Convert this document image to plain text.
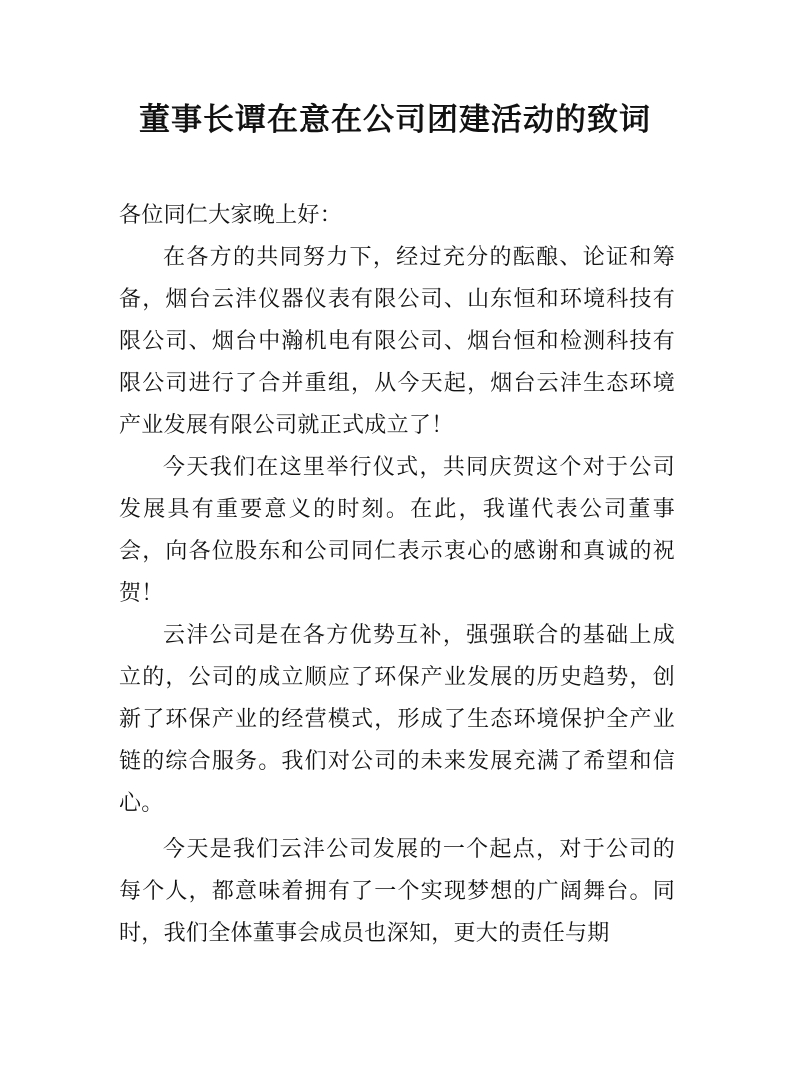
董事长谭在意在公司团建活动的致词

各位同仁大家晚上好：

在各方的共同努力下，经过充分的酝酿、论证和筹备，烟台云沣仪器仪表有限公司、山东恒和环境科技有限公司、烟台中瀚机电有限公司、烟台恒和检测科技有限公司进行了合并重组，从今天起，烟台云沣生态环境产业发展有限公司就正式成立了！

今天我们在这里举行仪式，共同庆贺这个对于公司发展具有重要意义的时刻。在此，我谨代表公司董事会，向各位股东和公司同仁表示衷心的感谢和真诚的祝贺！

云沣公司是在各方优势互补，强强联合的基础上成立的，公司的成立顺应了环保产业发展的历史趋势，创新了环保产业的经营模式，形成了生态环境保护全产业链的综合服务。我们对公司的未来发展充满了希望和信心。

今天是我们云沣公司发展的一个起点，对于公司的每个人，都意味着拥有了一个实现梦想的广阔舞台。同时，我们全体董事会成员也深知，更大的责任与期
